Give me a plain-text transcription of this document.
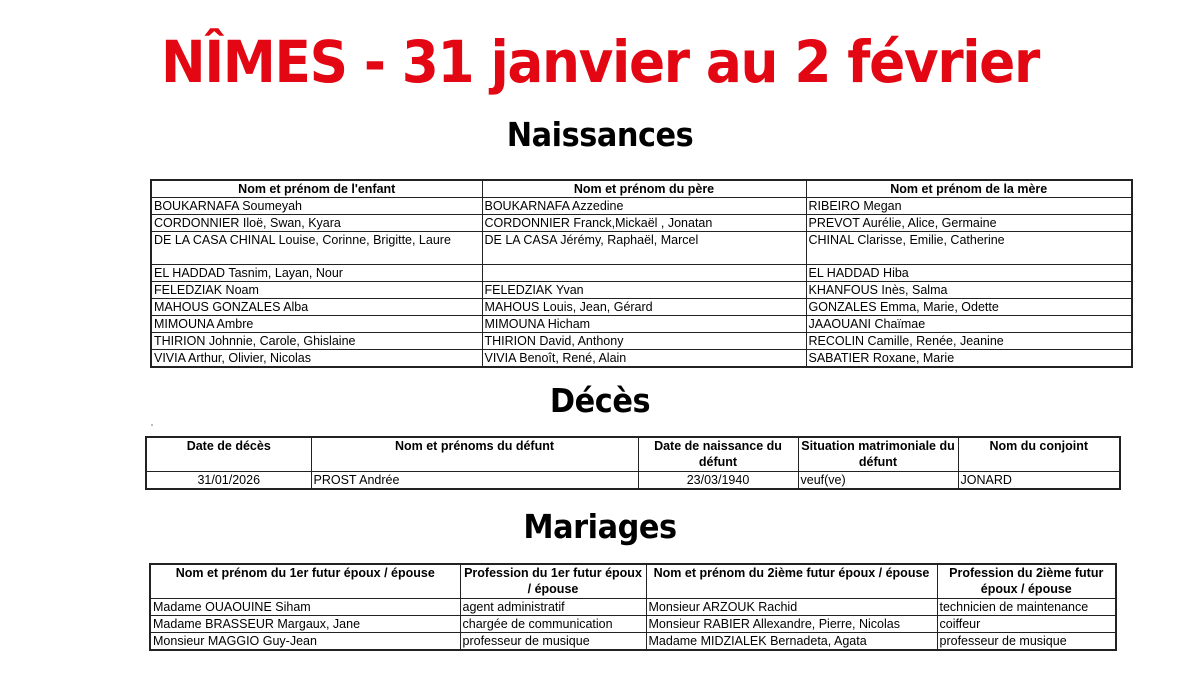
NÎMES - 31 janvier au 2 février
Naissances
Nom et prénom de l'enfant	Nom et prénom du père	Nom et prénom de la mère
BOUKARNAFA Soumeyah	BOUKARNAFA Azzedine	RIBEIRO Megan
CORDONNIER Iloë, Swan, Kyara	CORDONNIER Franck,Mickaël , Jonatan	PREVOT Aurélie, Alice, Germaine
DE LA CASA CHINAL Louise, Corinne, Brigitte, Laure	DE LA CASA Jérémy, Raphaël, Marcel	CHINAL Clarisse, Emilie, Catherine
EL HADDAD Tasnim, Layan, Nour		EL HADDAD Hiba
FELEDZIAK Noam	FELEDZIAK Yvan	KHANFOUS Inès, Salma
MAHOUS GONZALES Alba	MAHOUS Louis, Jean, Gérard	GONZALES Emma, Marie, Odette
MIMOUNA Ambre	MIMOUNA Hicham	JAAOUANI Chaïmae
THIRION Johnnie, Carole, Ghislaine	THIRION David, Anthony	RECOLIN Camille, Renée, Jeanine
VIVIA Arthur, Olivier, Nicolas	VIVIA Benoît, René, Alain	SABATIER Roxane, Marie
Décès
Date de décès	Nom et prénoms du défunt	Date de naissance du défunt	Situation matrimoniale du défunt	Nom du conjoint
31/01/2026	PROST Andrée	23/03/1940	veuf(ve)	JONARD
Mariages
Nom et prénom du 1er futur époux / épouse	Profession du 1er futur époux / épouse	Nom et prénom du 2ième futur époux / épouse	Profession du 2ième futur époux / épouse
Madame OUAOUINE Siham	agent administratif	Monsieur ARZOUK Rachid	technicien de maintenance
Madame BRASSEUR Margaux, Jane	chargée de communication	Monsieur RABIER Allexandre, Pierre, Nicolas	coiffeur
Monsieur MAGGIO Guy-Jean	professeur de musique	Madame MIDZIALEK Bernadeta, Agata	professeur de musique
